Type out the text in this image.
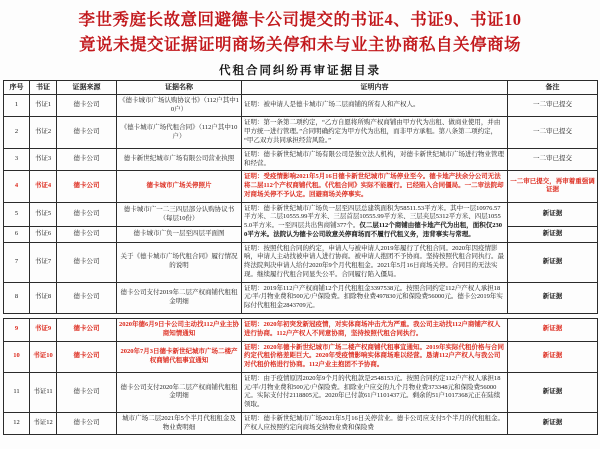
李世秀庭长故意回避德卡公司提交的书证4、书证9、书证10
竟说未提交证据证明商场关停和未与业主协商私自关停商场
代租合同纠纷再审证据目录
序号	书证	证据来源	证据名称	证明内容	备注
1	书证1	德卡公司	《德卡城市广场认购协议书》（112户其中10户）	证明：被申请人是德卡城市广场二层商铺的所有人和产权人。	一二审已提交
2	书证2	德卡公司	《德卡城市广场代租合同》（112户其中10户）	证明：第一条第二项约定，“乙方自愿将所购产权商铺由甲方代为出租、做商业使用，并由甲方统一进行管理。”合同明确约定为甲方代为出租，而非甲方承租。第八条第二项约定，“甲乙双方共同承担经营风险。”	一二审已提交
3	书证3	德卡公司	德卡新世纪城市广场有限公司营业执照	证明：德卡新世纪城市广场有限公司是独立法人机构，对德卡新世纪城市广场进行物业管理和经营。	一二审已提交
4	书证4	德卡公司	德卡城市广场关停照片	证明：受疫情影响2021年5月16日德卡新世纪城市广场停业至今。德卡地产扶余分公司无法将二层112个产权商铺代租。《代租合同》实际不能履行。已经陷入合同僵局。一二审法院却对商场关停不予认定。回避商场关停事实。	一二审已提交，再审着重强调证据
5	书证5	德卡公司	德卡城市广一二三四层部分认购协议书（每层10份）	证明：德卡新世纪城市广场负一层至四层总建筑面积为58511.53平方米。其中一层10976.57平方米、二层10555.99平方米、三层首层10555.99平方米、三层夹层5312平方米、四层10555.0平方米。一至四层共出售商铺377个。仅二层112个商铺由德卡地产代为出租，面积仅2300平方米。法院认为德卡公司故意关停商场而不履行代租义务，违背事实与常理。	新证据
6	书证6	德卡公司	德卡城市广负一层至四层平面图		新证据
7	书证7	德卡公司	关于《德卡城市广场代租合同》履行情况的说明	证明：按照代租合同的约定，申请人与被申请人2019年履行了代租合同。2020年因疫情影响，申请人主动找被申请人进行协商。被申请人抱团不予协商。坚持按照代租合同执行。最终法院判决申请人给付2020年9个月代租租金。2021年5月16日商场关停。合同目的无法实现。继续履行代租合同显失公平。合同履行陷入僵局。	新证据
8	书证8	德卡公司	德卡公司支付2019年二层产权商铺代租租金明细	证明：2019年112户产权商铺12个月代租租金3397538元。按照合同约定112户产权人承担18元/平/月物业费和500元/户保险费。扣除物业费497830元和保险费56000元。德卡公2019年实际付代租租金2843709元。	新证据
9	书证9	德卡公司	2020年德6月9日卡公司主动找112户业主协商知情通知	证明：2020年初突发新冠疫情，对实体商场冲击尤为严重。我公司主动找112户商铺产权人进行协商。112户产权人不同意协商，坚持按照代租合同执行。	新证据
10	书证10	德卡公司	2020年7月3日德卡新世纪城市广场二楼产权商铺代租事宜通知	证明：2020年德卡新世纪城市广场二楼产权商铺代租事宜通知。2019年实际代租价格与合同约定代租价格差距巨大。2020年受疫情影响实体商场难以经营。恳请112户产权人与我公司对代租价格进行协商。112户业主抱团不予协商。	新证据
11	书证11	德卡公司	德卡公司支付2020年二层产权商铺代租租金明细	证明：由于疫情原因2020年9个月的代租款是2548153元。按照合同约定112户产权人承担18元/平/月物业费和500元/户保险费。扣除业户应交的九个月物业费373348元和保险费56000元。实际支付付2118805元。2020年已付款61户1101437元。剩余的51户1017368元正在陆续领取。	新证据
12	书证12	德卡公司	城市广场二层2021年5个半月代租租金及物业费明细	证明：德卡新世纪城市广场2021年5月16日关停营业。德卡公司应支付5个半月的代租租金。产权人应按照约定向商场交纳物业费和保险费	新证据
